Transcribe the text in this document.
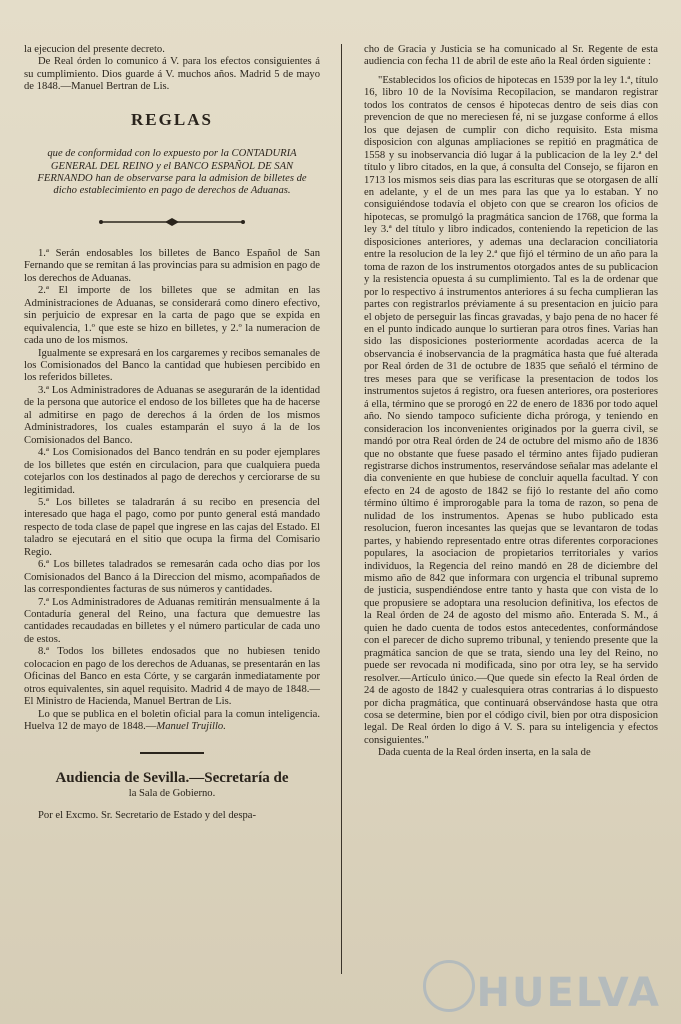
la ejecucion del presente decreto.

De Real órden lo comunico á V. para los efectos consiguientes á su cumplimiento. Dios guarde á V. muchos años. Madrid 5 de mayo de 1848.—Manuel Bertran de Lis.

REGLAS
que de conformidad con lo expuesto por la CONTADURIA GENERAL DEL REINO y el BANCO ESPAÑOL DE SAN FERNANDO han de observarse para la admision de billetes de dicho establecimiento en pago de derechos de Aduanas.

1.ª Serán endosables los billetes de Banco Español de San Fernando que se remitan á las provincias para su admision en pago de los derechos de Aduanas.

2.ª El importe de los billetes que se admitan en las Administraciones de Aduanas, se considerará como dinero efectivo, sin perjuicio de expresar en la carta de pago que se expida en equivalencia, 1.º que este se hizo en billetes, y 2.º la numeracion de cada uno de los mismos.

Igualmente se expresará en los cargaremes y recibos semanales de los Comisionados del Banco la cantidad que hubiesen percibido en los referidos billetes.

3.ª Los Administradores de Aduanas se asegurarán de la identidad de la persona que autorice el endoso de los billetes que ha de hacerse al admitirse en pago de derechos á la órden de los mismos Administradores, los cuales estamparán el suyo á la de los Comisionados del Banco.

4.ª Los Comisionados del Banco tendrán en su poder ejemplares de los billetes que estén en circulacion, para que cualquiera pueda cotejarlos con los destinados al pago de derechos y cerciorarse de su legitimidad.

5.ª Los billetes se taladrarán á su recibo en presencia del interesado que haga el pago, como por punto general está mandado respecto de toda clase de papel que ingrese en las cajas del Estado. El taladro se ejecutará en el sitio que ocupa la firma del Comisario Regio.

6.ª Los billetes taladrados se remesarán cada ocho dias por los Comisionados del Banco á la Direccion del mismo, acompañados de las correspondientes facturas de sus números y cantidades.

7.ª Los Administradores de Aduanas remitirán mensualmente á la Contaduría general del Reino, una factura que demuestre las cantidades recaudadas en billetes y el número particular de cada uno de estos.

8.ª Todos los billetes endosados que no hubiesen tenido colocacion en pago de los derechos de Aduanas, se presentarán en las Oficinas del Banco en esta Córte, y se cargarán inmediatamente por otros equivalentes, sin aquel requisito. Madrid 4 de mayo de 1848.—El Ministro de Hacienda, Manuel Bertran de Lis.

Lo que se publica en el boletin oficial para la comun inteligencia. Huelva 12 de mayo de 1848.—Manuel Trujillo.

Audiencia de Sevilla.—Secretaría de
la Sala de Gobierno.

Por el Excmo. Sr. Secretario de Estado y del despa-

cho de Gracia y Justicia se ha comunicado al Sr. Regente de esta audiencia con fecha 11 de abril de este año la Real órden siguiente :

"Establecidos los oficios de hipotecas en 1539 por la ley 1.ª, título 16, libro 10 de la Novísima Recopilacion, se mandaron registrar todos los contratos de censos é hipotecas dentro de seis dias con prevencion de que no mereciesen fé, ni se juzgase conforme á ellos los que dejasen de cumplir con dicho requisito. Esta misma disposicion con algunas ampliaciones se repitió en pragmática de 1558 y su inobservancia dió lugar á la publicacion de la ley 2.ª del título y libro citados, en la que, á consulta del Consejo, se fijaron en 1713 los mismos seis dias para las escrituras que se otorgasen de allí en adelante, y el de un mes para las que ya lo estaban. Y no consiguiéndose todavía el objeto con que se crearon los oficios de hipotecas, se promulgó la pragmática sancion de 1768, que forma la ley 3.ª del título y libro indicados, conteniendo la repeticion de las disposiciones anteriores, y ademas una declaracion conciliatoria entre la resolucion de la ley 2.ª que fijó el término de un año para la toma de razon de los instrumentos otorgados antes de su publicacion y la resistencia opuesta á su cumplimiento. Tal es la de ordenar que por lo respectivo á instrumentos anteriores á su fecha cumplieran las partes con registrarlos préviamente á su presentacion en juicio para el objeto de perseguir las fincas gravadas, y bajo pena de no hacer fé en el punto indicado aunque lo surtieran para otros fines. Varias han sido las disposiciones posteriormente acordadas acerca de la observancia é inobservancia de la pragmática hasta que fué alterada por Real órden de 31 de octubre de 1835 que señaló el término de tres meses para que se verificase la presentacion de todos los instrumentos sujetos á registro, ora fuesen anteriores, ora posteriores á ella, término que se prorogó en 22 de enero de 1836 por todo aquel año. No siendo tampoco suficiente dicha próroga, y teniendo en consideracion los inconvenientes originados por la guerra civil, se mandó por otra Real órden de 24 de octubre del mismo año de 1836 que no obstante que fuese pasado el término antes fijado pudieran registrarse dichos instrumentos, reservándose señalar mas adelante el dia conveniente en que hubiese de concluir aquella facultad. Y con efecto en 24 de agosto de 1842 se fijó lo restante del año como término último é improrogable para la toma de razon, so pena de nulidad de los instrumentos. Apenas se hubo publicado esta resolucion, fueron incesantes las quejas que se levantaron de todas partes, y habiendo representado entre otras diferentes corporaciones populares, la asociacion de propietarios territoriales y varios individuos, la Regencia del reino mandó en 28 de diciembre del mismo año de 842 que informara con urgencia el tribunal supremo de justicia, suspendiéndose entre tanto y hasta que con vista de lo que propusiere se adoptara una resolucion definitiva, los efectos de la Real órden de 24 de agosto del mismo año. Enterada S. M., á quien he dado cuenta de todos estos antecedentes, conformándose con el parecer de dicho supremo tribunal, y teniendo presente que la pragmática sancion de que se trata, siendo una ley del Reino, no puede ser revocada ni modificada, sino por otra ley, se ha servido resolver.—Artículo único.—Que quede sin efecto la Real órden de 24 de agosto de 1842 y cualesquiera otras contrarias á lo dispuesto por dicha pragmática, que continuará observándose hasta que otra cosa se determine, bien por el código civil, bien por otra disposicion legal. De Real órden lo digo á V. S. para su inteligencia y efectos consiguientes."

Dada cuenta de la Real órden inserta, en la sala de

HUELVA
